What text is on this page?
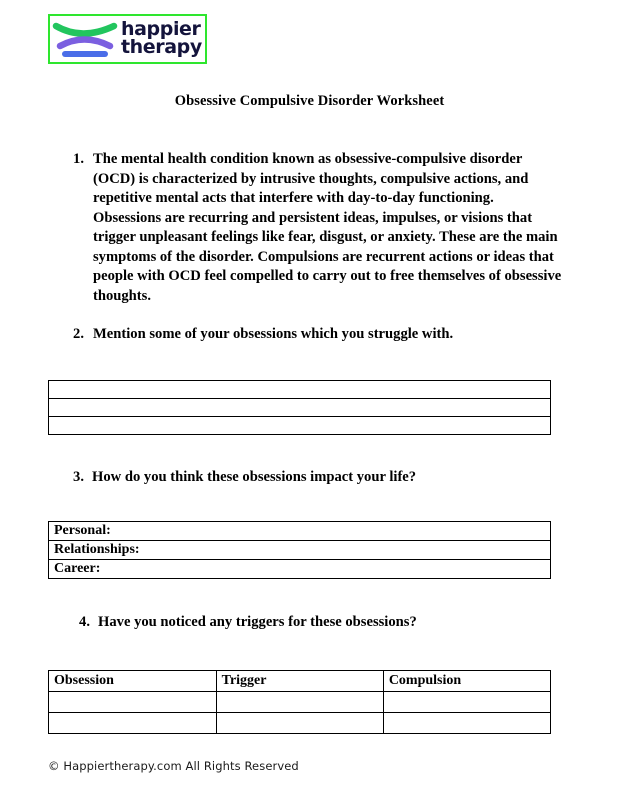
happier
therapy
Obsessive Compulsive Disorder Worksheet
1. The mental health condition known as obsessive-compulsive disorder (OCD) is characterized by intrusive thoughts, compulsive actions, and repetitive mental acts that interfere with day-to-day functioning. Obsessions are recurring and persistent ideas, impulses, or visions that trigger unpleasant feelings like fear, disgust, or anxiety. These are the main symptoms of the disorder. Compulsions are recurrent actions or ideas that people with OCD feel compelled to carry out to free themselves of obsessive thoughts.
2. Mention some of your obsessions which you struggle with.

3. How do you think these obsessions impact your life?
Personal:
Relationships:
Career:
4. Have you noticed any triggers for these obsessions?
Obsession	Trigger	Compulsion

© Happiertherapy.com All Rights Reserved
